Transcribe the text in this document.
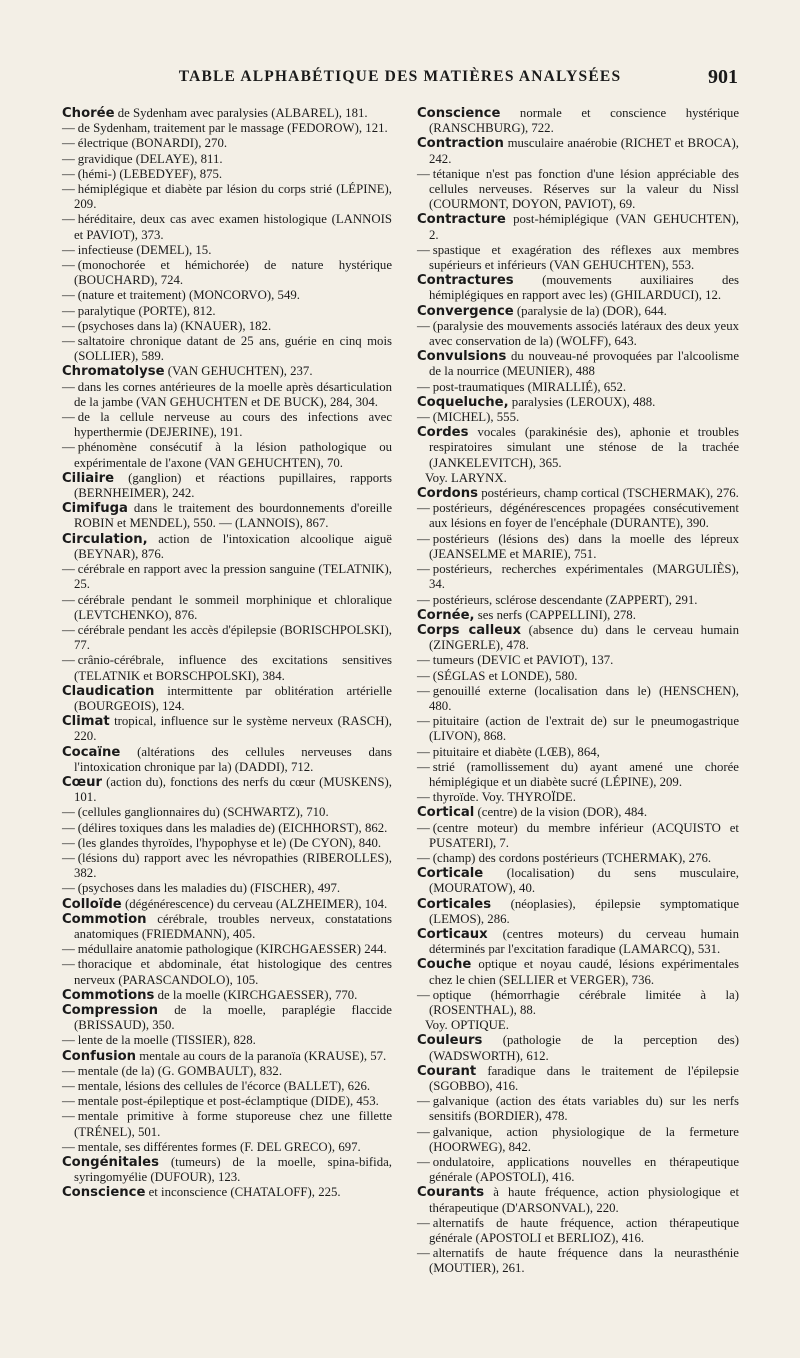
TABLE ALPHABÉTIQUE DES MATIÈRES ANALYSÉES	901

Chorée de Sydenham avec paralysies (ALBAREL), 181.

— de Sydenham, traitement par le massage (FEDOROW), 121.

— électrique (BONARDI), 270.

— gravidique (DELAYE), 811.

— (hémi-) (LEBEDYEF), 875.

— hémiplégique et diabète par lésion du corps strié (LÉPINE), 209.

— héréditaire, deux cas avec examen histologique (LANNOIS et PAVIOT), 373.

— infectieuse (DEMEL), 15.

— (monochorée et hémichorée) de nature hystérique (BOUCHARD), 724.

— (nature et traitement) (MONCORVO), 549.

— paralytique (PORTE), 812.

— (psychoses dans la) (KNAUER), 182.

— saltatoire chronique datant de 25 ans, guérie en cinq mois (SOLLIER), 589.

Chromatolyse (VAN GEHUCHTEN), 237.

— dans les cornes antérieures de la moelle après désarticulation de la jambe (VAN GEHUCHTEN et DE BUCK), 284, 304.

— de la cellule nerveuse au cours des infections avec hyperthermie (DEJERINE), 191.

— phénomène consécutif à la lésion pathologique ou expérimentale de l'axone (VAN GEHUCHTEN), 70.

Ciliaire (ganglion) et réactions pupillaires, rapports (BERNHEIMER), 242.

Cimifuga dans le traitement des bourdonnements d'oreille ROBIN et MENDEL), 550. — (LANNOIS), 867.

Circulation, action de l'intoxication alcoolique aiguë (BEYNAR), 876.

— cérébrale en rapport avec la pression sanguine (TELATNIK), 25.

— cérébrale pendant le sommeil morphinique et chloralique (LEVTCHENKO), 876.

— cérébrale pendant les accès d'épilepsie (BORISCHPOLSKI), 77.

— crânio-cérébrale, influence des excitations sensitives (TELATNIK et BORSCHPOLSKI), 384.

Claudication intermittente par oblitération artérielle (BOURGEOIS), 124.

Climat tropical, influence sur le système nerveux (RASCH), 220.

Cocaïne (altérations des cellules nerveuses dans l'intoxication chronique par la) (DADDI), 712.

Cœur (action du), fonctions des nerfs du cœur (MUSKENS), 101.

— (cellules ganglionnaires du) (SCHWARTZ), 710.

— (délires toxiques dans les maladies de) (EICHHORST), 862.

— (les glandes thyroïdes, l'hypophyse et le) (De CYON), 840.

— (lésions du) rapport avec les névropathies (RIBEROLLES), 382.

— (psychoses dans les maladies du) (FISCHER), 497.

Colloïde (dégénérescence) du cerveau (ALZHEIMER), 104.

Commotion cérébrale, troubles nerveux, constatations anatomiques (FRIEDMANN), 405.

— médullaire anatomie pathologique (KIRCHGAESSER) 244.

— thoracique et abdominale, état histologique des centres nerveux (PARASCANDOLO), 105.

Commotions de la moelle (KIRCHGAESSER), 770.

Compression de la moelle, paraplégie flaccide (BRISSAUD), 350.

— lente de la moelle (TISSIER), 828.

Confusion mentale au cours de la paranoïa (KRAUSE), 57.

— mentale (de la) (G. GOMBAULT), 832.

— mentale, lésions des cellules de l'écorce (BALLET), 626.

— mentale post-épileptique et post-éclamptique (DIDE), 453.

— mentale primitive à forme stuporeuse chez une fillette (TRÉNEL), 501.

— mentale, ses différentes formes (F. DEL GRECO), 697.

Congénitales (tumeurs) de la moelle, spina-bifida, syringomyélie (DUFOUR), 123.

Conscience et inconscience (CHATALOFF), 225.

Conscience normale et conscience hystérique (RANSCHBURG), 722.

Contraction musculaire anaérobie (RICHET et BROCA), 242.

— tétanique n'est pas fonction d'une lésion appréciable des cellules nerveuses. Réserves sur la valeur du Nissl (COURMONT, DOYON, PAVIOT), 69.

Contracture post-hémiplégique (VAN GEHUCHTEN), 2.

— spastique et exagération des réflexes aux membres supérieurs et inférieurs (VAN GEHUCHTEN), 553.

Contractures (mouvements auxiliaires des hémiplégiques en rapport avec les) (GHILARDUCI), 12.

Convergence (paralysie de la) (DOR), 644.

— (paralysie des mouvements associés latéraux des deux yeux avec conservation de la) (WOLFF), 643.

Convulsions du nouveau-né provoquées par l'alcoolisme de la nourrice (MEUNIER), 488

— post-traumatiques (MIRALLIÉ), 652.

Coqueluche, paralysies (LEROUX), 488.

— (MICHEL), 555.

Cordes vocales (parakinésie des), aphonie et troubles respiratoires simulant une sténose de la trachée (JANKELEVITCH), 365.

Voy. LARYNX.

Cordons postérieurs, champ cortical (TSCHERMAK), 276.

— postérieurs, dégénérescences propagées consécutivement aux lésions en foyer de l'encéphale (DURANTE), 390.

— postérieurs (lésions des) dans la moelle des lépreux (JEANSELME et MARIE), 751.

— postérieurs, recherches expérimentales (MARGULIÈS), 34.

— postérieurs, sclérose descendante (ZAPPERT), 291.

Cornée, ses nerfs (CAPPELLINI), 278.

Corps calleux (absence du) dans le cerveau humain (ZINGERLE), 478.

— tumeurs (DEVIC et PAVIOT), 137.

— (SÉGLAS et LONDE), 580.

— genouillé externe (localisation dans le) (HENSCHEN), 480.

— pituitaire (action de l'extrait de) sur le pneumogastrique (LIVON), 868.

— pituitaire et diabète (LŒB), 864,

— strié (ramollissement du) ayant amené une chorée hémiplégique et un diabète sucré (LÉPINE), 209.

— thyroïde. Voy. THYROÏDE.

Cortical (centre) de la vision (DOR), 484.

— (centre moteur) du membre inférieur (ACQUISTO et PUSATERI), 7.

— (champ) des cordons postérieurs (TCHERMAK), 276.

Corticale (localisation) du sens musculaire, (MOURATOW), 40.

Corticales (néoplasies), épilepsie symptomatique (LEMOS), 286.

Corticaux (centres moteurs) du cerveau humain déterminés par l'excitation faradique (LAMARCQ), 531.

Couche optique et noyau caudé, lésions expérimentales chez le chien (SELLIER et VERGER), 736.

— optique (hémorrhagie cérébrale limitée à la) (ROSENTHAL), 88.

Voy. OPTIQUE.

Couleurs (pathologie de la perception des) (WADSWORTH), 612.

Courant faradique dans le traitement de l'épilepsie (SGOBBO), 416.

— galvanique (action des états variables du) sur les nerfs sensitifs (BORDIER), 478.

— galvanique, action physiologique de la fermeture (HOORWEG), 842.

— ondulatoire, applications nouvelles en thérapeutique générale (APOSTOLI), 416.

Courants à haute fréquence, action physiologique et thérapeutique (D'ARSONVAL), 220.

— alternatifs de haute fréquence, action thérapeutique générale (APOSTOLI et BERLIOZ), 416.

— alternatifs de haute fréquence dans la neurasthénie (MOUTIER), 261.
